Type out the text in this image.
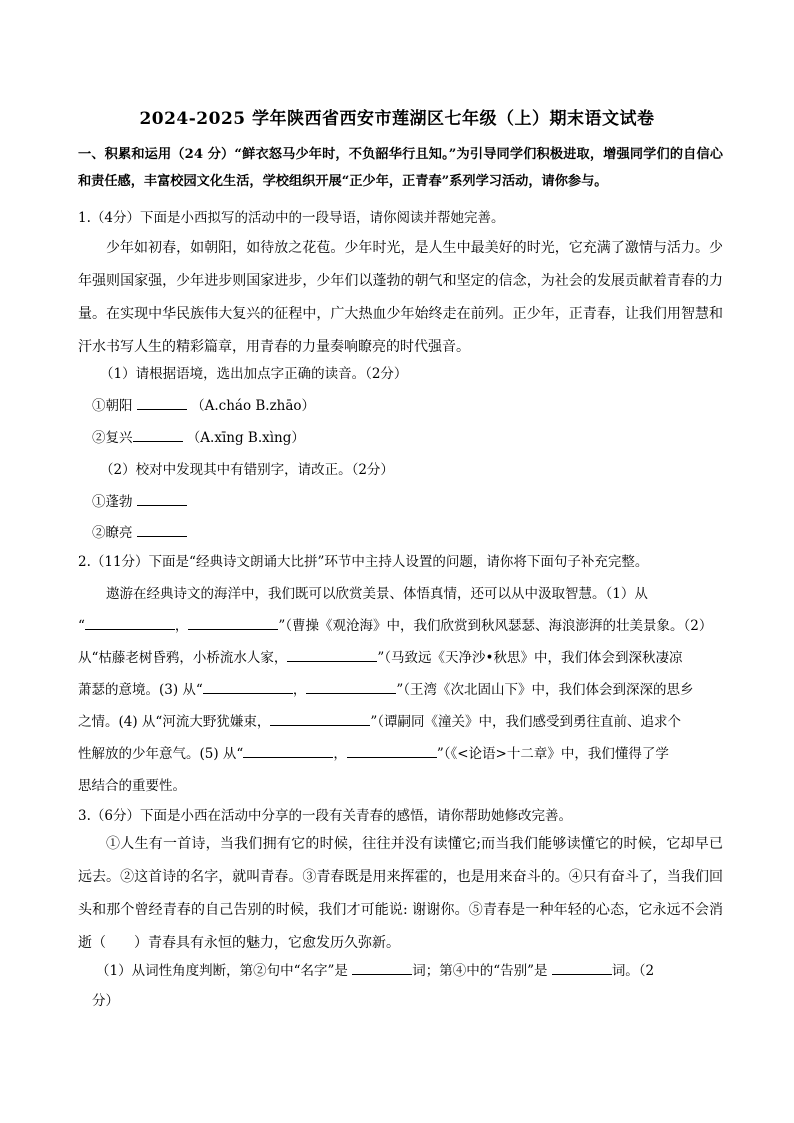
2024-2025 学年陕西省西安市莲湖区七年级（上）期末语文试卷
一、积累和运用（24 分）“鲜衣怒马少年时，不负韶华行且知。”为引导同学们积极进取，增强同学们的自信心和责任感，丰富校园文化生活，学校组织开展“正少年，正青春”系列学习活动，请你参与。
1.（4分）下面是小西拟写的活动中的一段导语，请你阅读并帮她完善。
少年如初春，如朝阳，如待放之花苞。少年时光，是人生中最美好的时光，它充满了激情与活力。少年强则国家强，少年进步则国家进步，少年们以蓬勃的朝气和坚定的信念，为社会的发展贡献着青春的力量。在实现中华民族伟大复兴的征程中，广大热血少年始终走在前列。正少年，正青春，让我们用智慧和汗水书写人生的精彩篇章，用青春的力量奏响瞭亮的时代强音。
（1）请根据语境，选出加点字正确的读音。（2分）
①朝阳	（A.cháo B.zhāo）
②复兴	（A.xīng B.xìng）
（2）校对中发现其中有错别字，请改正。（2分）
①蓬勃
②瞭亮
2.（11分）下面是“经典诗文朗诵大比拼”环节中主持人设置的问题，请你将下面句子补充完整。
遨游在经典诗文的海洋中，我们既可以欣赏美景、体悟真情，还可以从中汲取智慧。（1）从
“	，	”（曹操《观沧海》中，我们欣赏到秋风瑟瑟、海浪澎湃的壮美景象。（2）
从“枯藤老树昏鸦，小桥流水人家，	”（马致远《天净沙•秋思》中，我们体会到深秋凄凉
萧瑟的意境。(3) 从“	，	”（王湾《次北固山下》中，我们体会到深深的思乡
之情。(4) 从“河流大野犹嫌束，	”（谭嗣同《潼关》中，我们感受到勇往直前、追求个
性解放的少年意气。(5) 从“	，	”（《<论语>十二章》中，我们懂得了学
思结合的重要性。
3.（6分）下面是小西在活动中分享的一段有关青春的感悟，请你帮助她修改完善。
①人生有一首诗，当我们拥有它的时候，往往并没有读懂它;而当我们能够读懂它的时候，它却早已远去。②这首诗的名字，就叫青春。③青春既是用来挥霍的，也是用来奋斗的。④只有奋斗了，当我们回头和那个曾经青春的自己告别的时候，我们才可能说: 谢谢你。⑤青春是一种年轻的心态，它永远不会消逝（　　）青春具有永恒的魅力，它愈发历久弥新。
（1）从词性角度判断，第②句中“名字”是	词；第④中的“告别”是	词。（2
分）
